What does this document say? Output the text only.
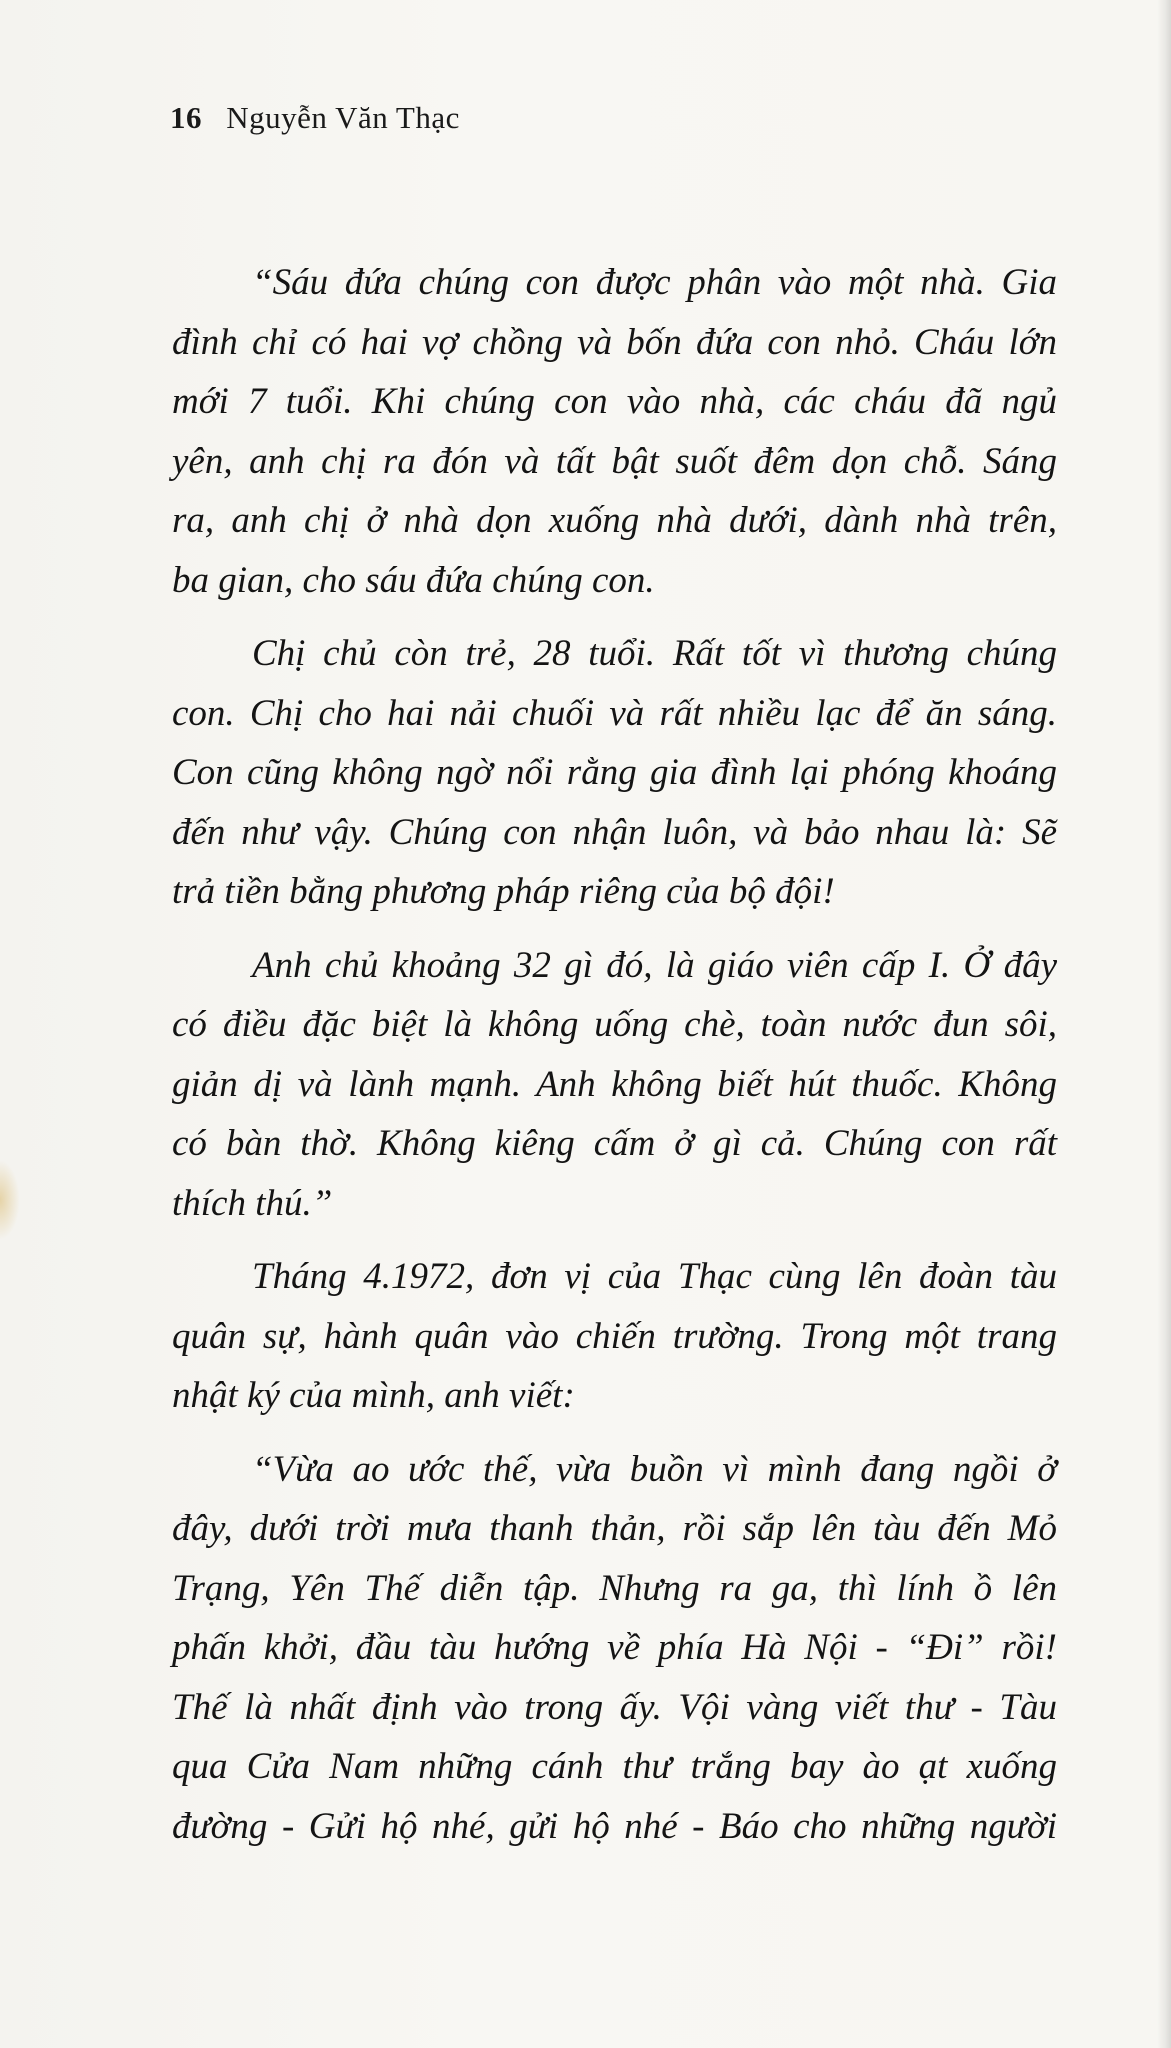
16 Nguyễn Văn Thạc
“Sáu đứa chúng con được phân vào một nhà. Gia
đình chỉ có hai vợ chồng và bốn đứa con nhỏ. Cháu lớn
mới 7 tuổi. Khi chúng con vào nhà, các cháu đã ngủ
yên, anh chị ra đón và tất bật suốt đêm dọn chỗ. Sáng
ra, anh chị ở nhà dọn xuống nhà dưới, dành nhà trên,
ba gian, cho sáu đứa chúng con.
Chị chủ còn trẻ, 28 tuổi. Rất tốt vì thương chúng
con. Chị cho hai nải chuối và rất nhiều lạc để ăn sáng.
Con cũng không ngờ nổi rằng gia đình lại phóng khoáng
đến như vậy. Chúng con nhận luôn, và bảo nhau là: Sẽ
trả tiền bằng phương pháp riêng của bộ đội!
Anh chủ khoảng 32 gì đó, là giáo viên cấp I. Ở đây
có điều đặc biệt là không uống chè, toàn nước đun sôi,
giản dị và lành mạnh. Anh không biết hút thuốc. Không
có bàn thờ. Không kiêng cấm ở gì cả. Chúng con rất
thích thú.”
Tháng 4.1972, đơn vị của Thạc cùng lên đoàn tàu
quân sự, hành quân vào chiến trường. Trong một trang
nhật ký của mình, anh viết:
“Vừa ao ước thế, vừa buồn vì mình đang ngồi ở
đây, dưới trời mưa thanh thản, rồi sắp lên tàu đến Mỏ
Trạng, Yên Thế diễn tập. Nhưng ra ga, thì lính ồ lên
phấn khởi, đầu tàu hướng về phía Hà Nội - “Đi” rồi!
Thế là nhất định vào trong ấy. Vội vàng viết thư - Tàu
qua Cửa Nam những cánh thư trắng bay ào ạt xuống
đường - Gửi hộ nhé, gửi hộ nhé - Báo cho những người
